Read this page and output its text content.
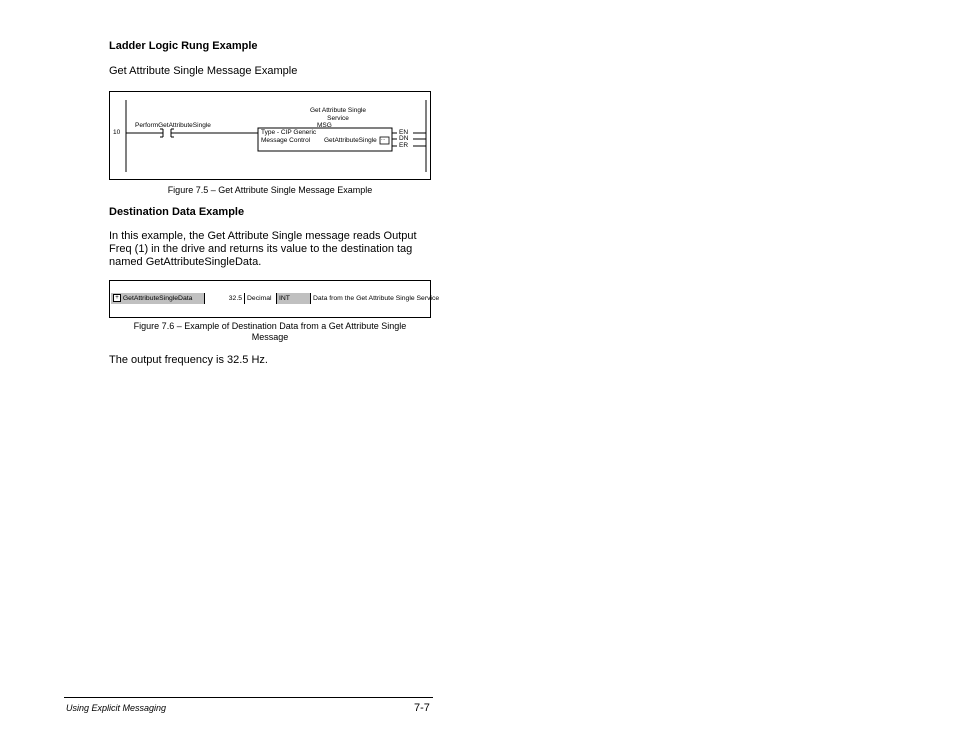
Ladder Logic Rung Example
Get Attribute Single Message Example
10
PerformGetAttributeSingle
Get Attribute Single
Service
MSG
Type - CIP Generic
Message Control GetAttributeSingle ...
EN
DN
ER
Figure 7.5 – Get Attribute Single Message Example
Destination Data Example
In this example, the Get Attribute Single message reads Output
Freq (1) in the drive and returns its value to the destination tag
named GetAttributeSingleData.
+ GetAttributeSingleData	32.5 Decimal	INT	Data from the Get Attribute Single Service
Figure 7.6 – Example of Destination Data from a Get Attribute Single
Message
The output frequency is 32.5 Hz.
Using Explicit Messaging	7-7
